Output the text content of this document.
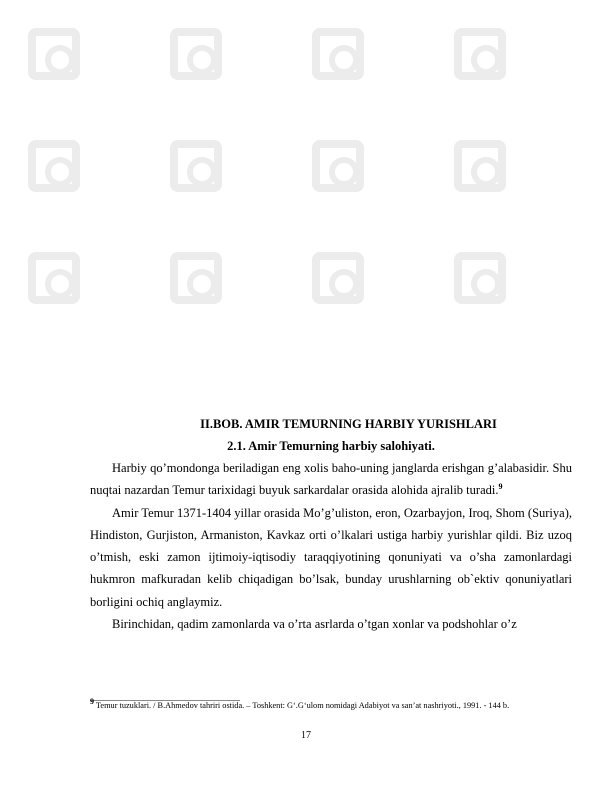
II.BOB. AMIR TEMURNING HARBIY YURISHLARI

2.1. Amir Temurning harbiy salohiyati.

Harbiy qo’mondonga beriladigan eng xolis baho-uning janglarda erishgan g’alabasidir. Shu nuqtai nazardan Temur tarixidagi buyuk sarkardalar orasida alohida ajralib turadi.$^9$

Amir Temur 1371-1404 yillar orasida Mo’g’uliston, eron, Ozarbayjon, Iroq, Shom (Suriya), Hindiston, Gurjiston, Armaniston, Kavkaz orti o’lkalari ustiga harbiy yurishlar qildi. Biz uzoq o’tmish, eski zamon ijtimoiy-iqtisodiy taraqqiyotining qonuniyati va o’sha zamonlardagi hukmron mafkuradan kelib chiqadigan bo’lsak, bunday urushlarning ob`ektiv qonuniyatlari borligini ochiq anglaymiz.

Birinchidan, qadim zamonlarda va o’rta asrlarda o’tgan xonlar va podshohlar o’z

$^9$ Temur tuzuklari. / B.Ahmedov tahriri ostida. – Toshkent: G‘.G‘ulom nomidagi Adabiyot va san’at nashriyoti., 1991. - 144 b.
17
